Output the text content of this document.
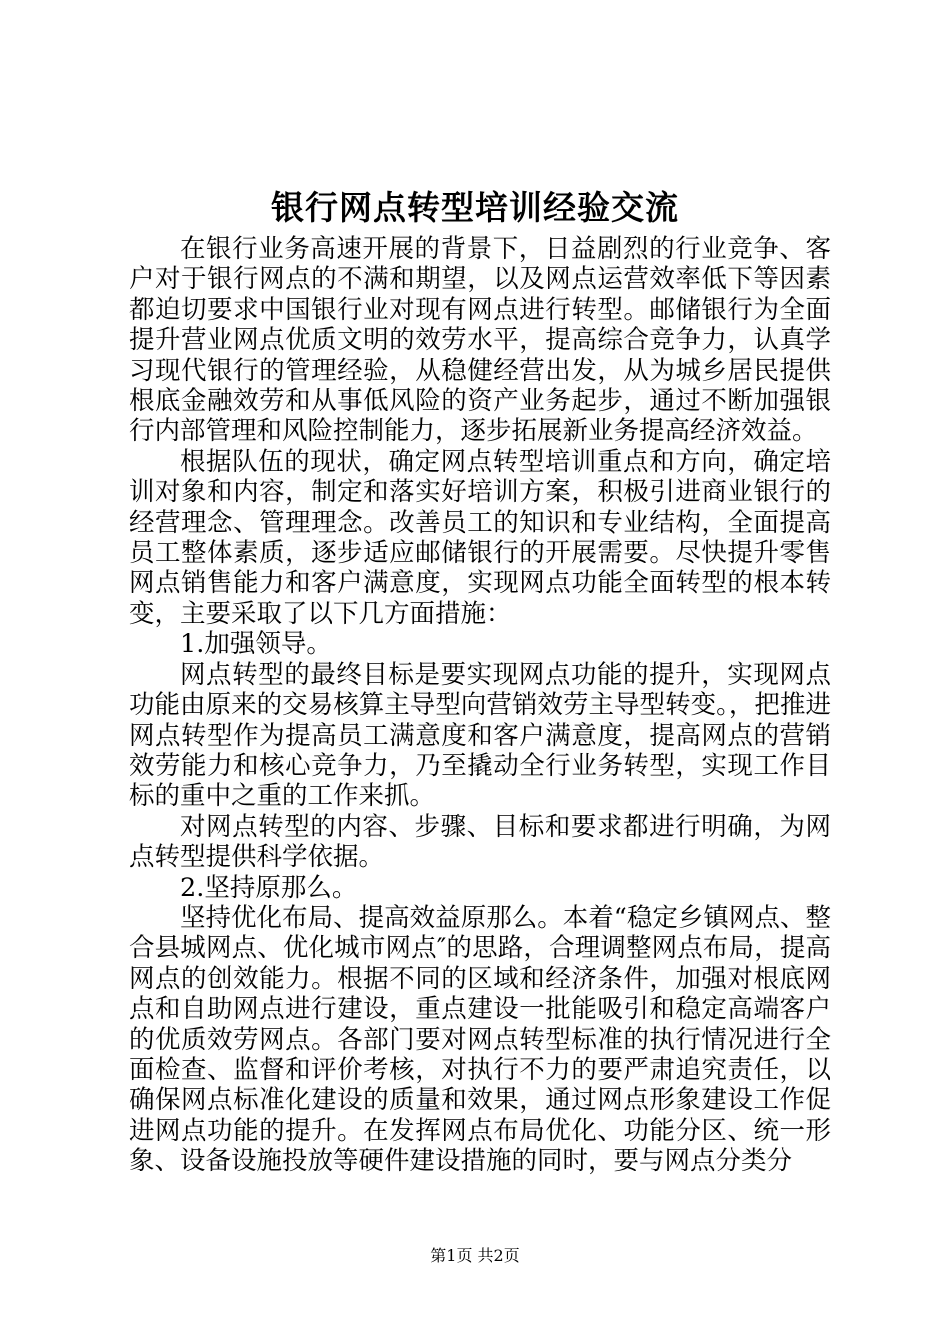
银行网点转型培训经验交流

在银行业务高速开展的背景下，日益剧烈的行业竞争、客户对于银行网点的不满和期望，以及网点运营效率低下等因素都迫切要求中国银行业对现有网点进行转型。邮储银行为全面提升营业网点优质文明的效劳水平，提高综合竞争力，认真学习现代银行的管理经验，从稳健经营出发，从为城乡居民提供根底金融效劳和从事低风险的资产业务起步，通过不断加强银行内部管理和风险控制能力，逐步拓展新业务提高经济效益。

根据队伍的现状，确定网点转型培训重点和方向，确定培训对象和内容，制定和落实好培训方案，积极引进商业银行的经营理念、管理理念。改善员工的知识和专业结构，全面提高员工整体素质，逐步适应邮储银行的开展需要。尽快提升零售网点销售能力和客户满意度，实现网点功能全面转型的根本转变，主要采取了以下几方面措施：

1.加强领导。

网点转型的最终目标是要实现网点功能的提升，实现网点功能由原来的交易核算主导型向营销效劳主导型转变。，把推进网点转型作为提高员工满意度和客户满意度，提高网点的营销效劳能力和核心竞争力，乃至撬动全行业务转型，实现工作目标的重中之重的工作来抓。

对网点转型的内容、步骤、目标和要求都进行明确，为网点转型提供科学依据。

2.坚持原那么。

坚持优化布局、提高效益原那么。本着“稳定乡镇网点、整合县城网点、优化城市网点″的思路，合理调整网点布局，提高网点的创效能力。根据不同的区域和经济条件，加强对根底网点和自助网点进行建设，重点建设一批能吸引和稳定高端客户的优质效劳网点。各部门要对网点转型标准的执行情况进行全面检查、监督和评价考核，对执行不力的要严肃追究责任，以确保网点标准化建设的质量和效果，通过网点形象建设工作促进网点功能的提升。在发挥网点布局优化、功能分区、统一形象、设备设施投放等硬件建设措施的同时，要与网点分类分

第1页 共2页
